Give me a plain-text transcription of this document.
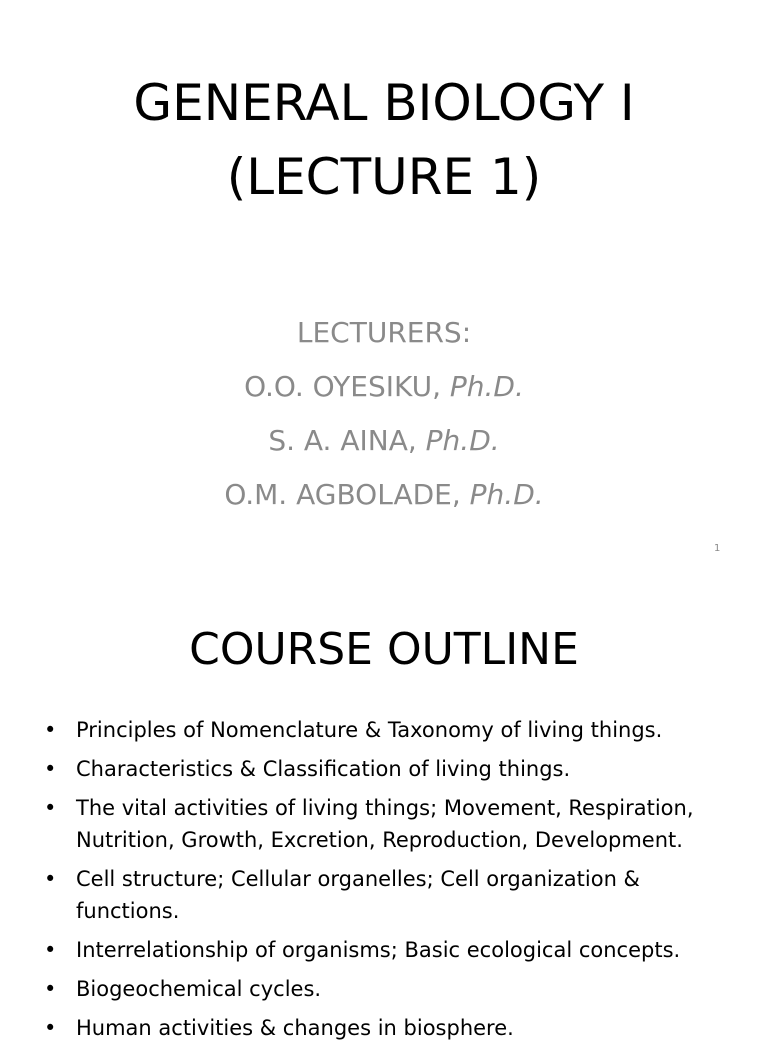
GENERAL BIOLOGY I
(LECTURE 1)
LECTURERS:
O.O. OYESIKU, Ph.D.
S. A. AINA, Ph.D.
O.M. AGBOLADE, Ph.D.
1
COURSE OUTLINE
• Principles of Nomenclature & Taxonomy of living things.
• Characteristics & Classification of living things.
• The vital activities of living things; Movement, Respiration, Nutrition, Growth, Excretion, Reproduction, Development.
• Cell structure; Cellular organelles; Cell organization & functions.
• Interrelationship of organisms; Basic ecological concepts.
• Biogeochemical cycles.
• Human activities & changes in biosphere.
